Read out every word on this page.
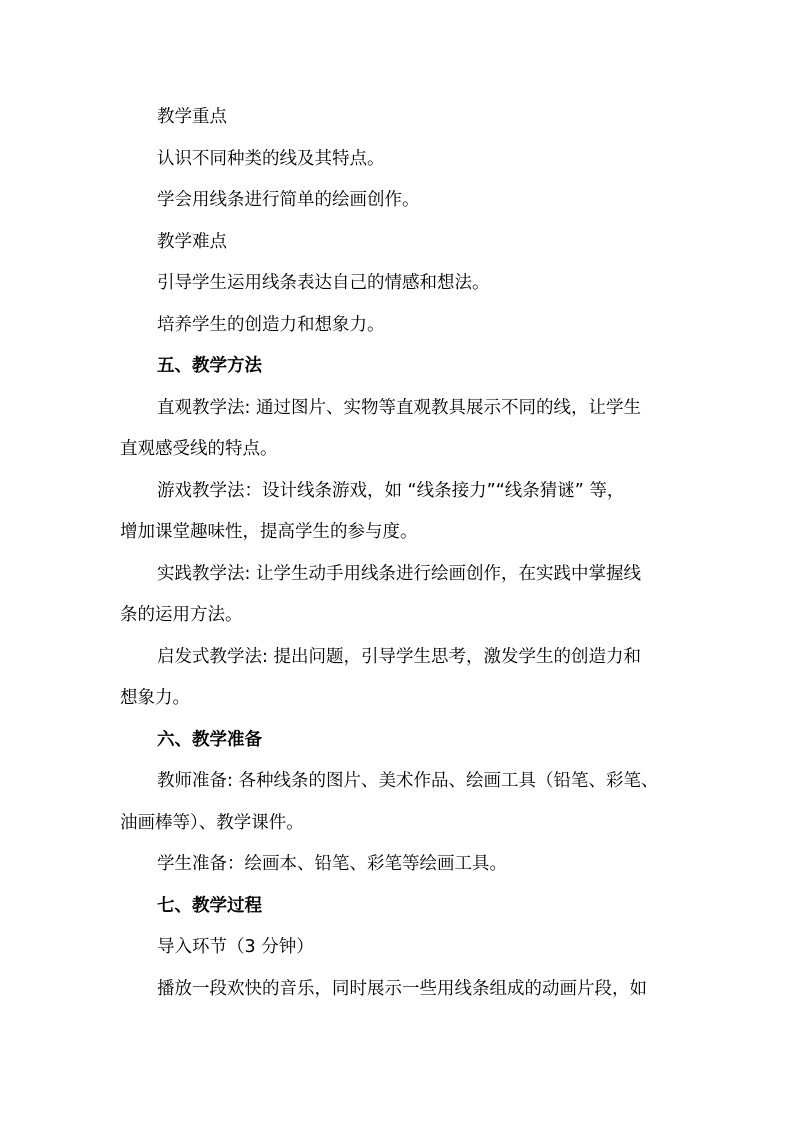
教学重点

认识不同种类的线及其特点。

学会用线条进行简单的绘画创作。

教学难点

引导学生运用线条表达自己的情感和想法。

培养学生的创造力和想象力。

五、教学方法

直观教学法: 通过图片、实物等直观教具展示不同的线，让学生

直观感受线的特点。

游戏教学法：设计线条游戏，如 “线条接力”“线条猜谜” 等，

增加课堂趣味性，提高学生的参与度。

实践教学法: 让学生动手用线条进行绘画创作，在实践中掌握线

条的运用方法。

启发式教学法: 提出问题，引导学生思考，激发学生的创造力和

想象力。

六、教学准备

教师准备: 各种线条的图片、美术作品、绘画工具（铅笔、彩笔、

油画棒等）、教学课件。

学生准备：绘画本、铅笔、彩笔等绘画工具。

七、教学过程

导入环节（3 分钟）

播放一段欢快的音乐，同时展示一些用线条组成的动画片段，如
